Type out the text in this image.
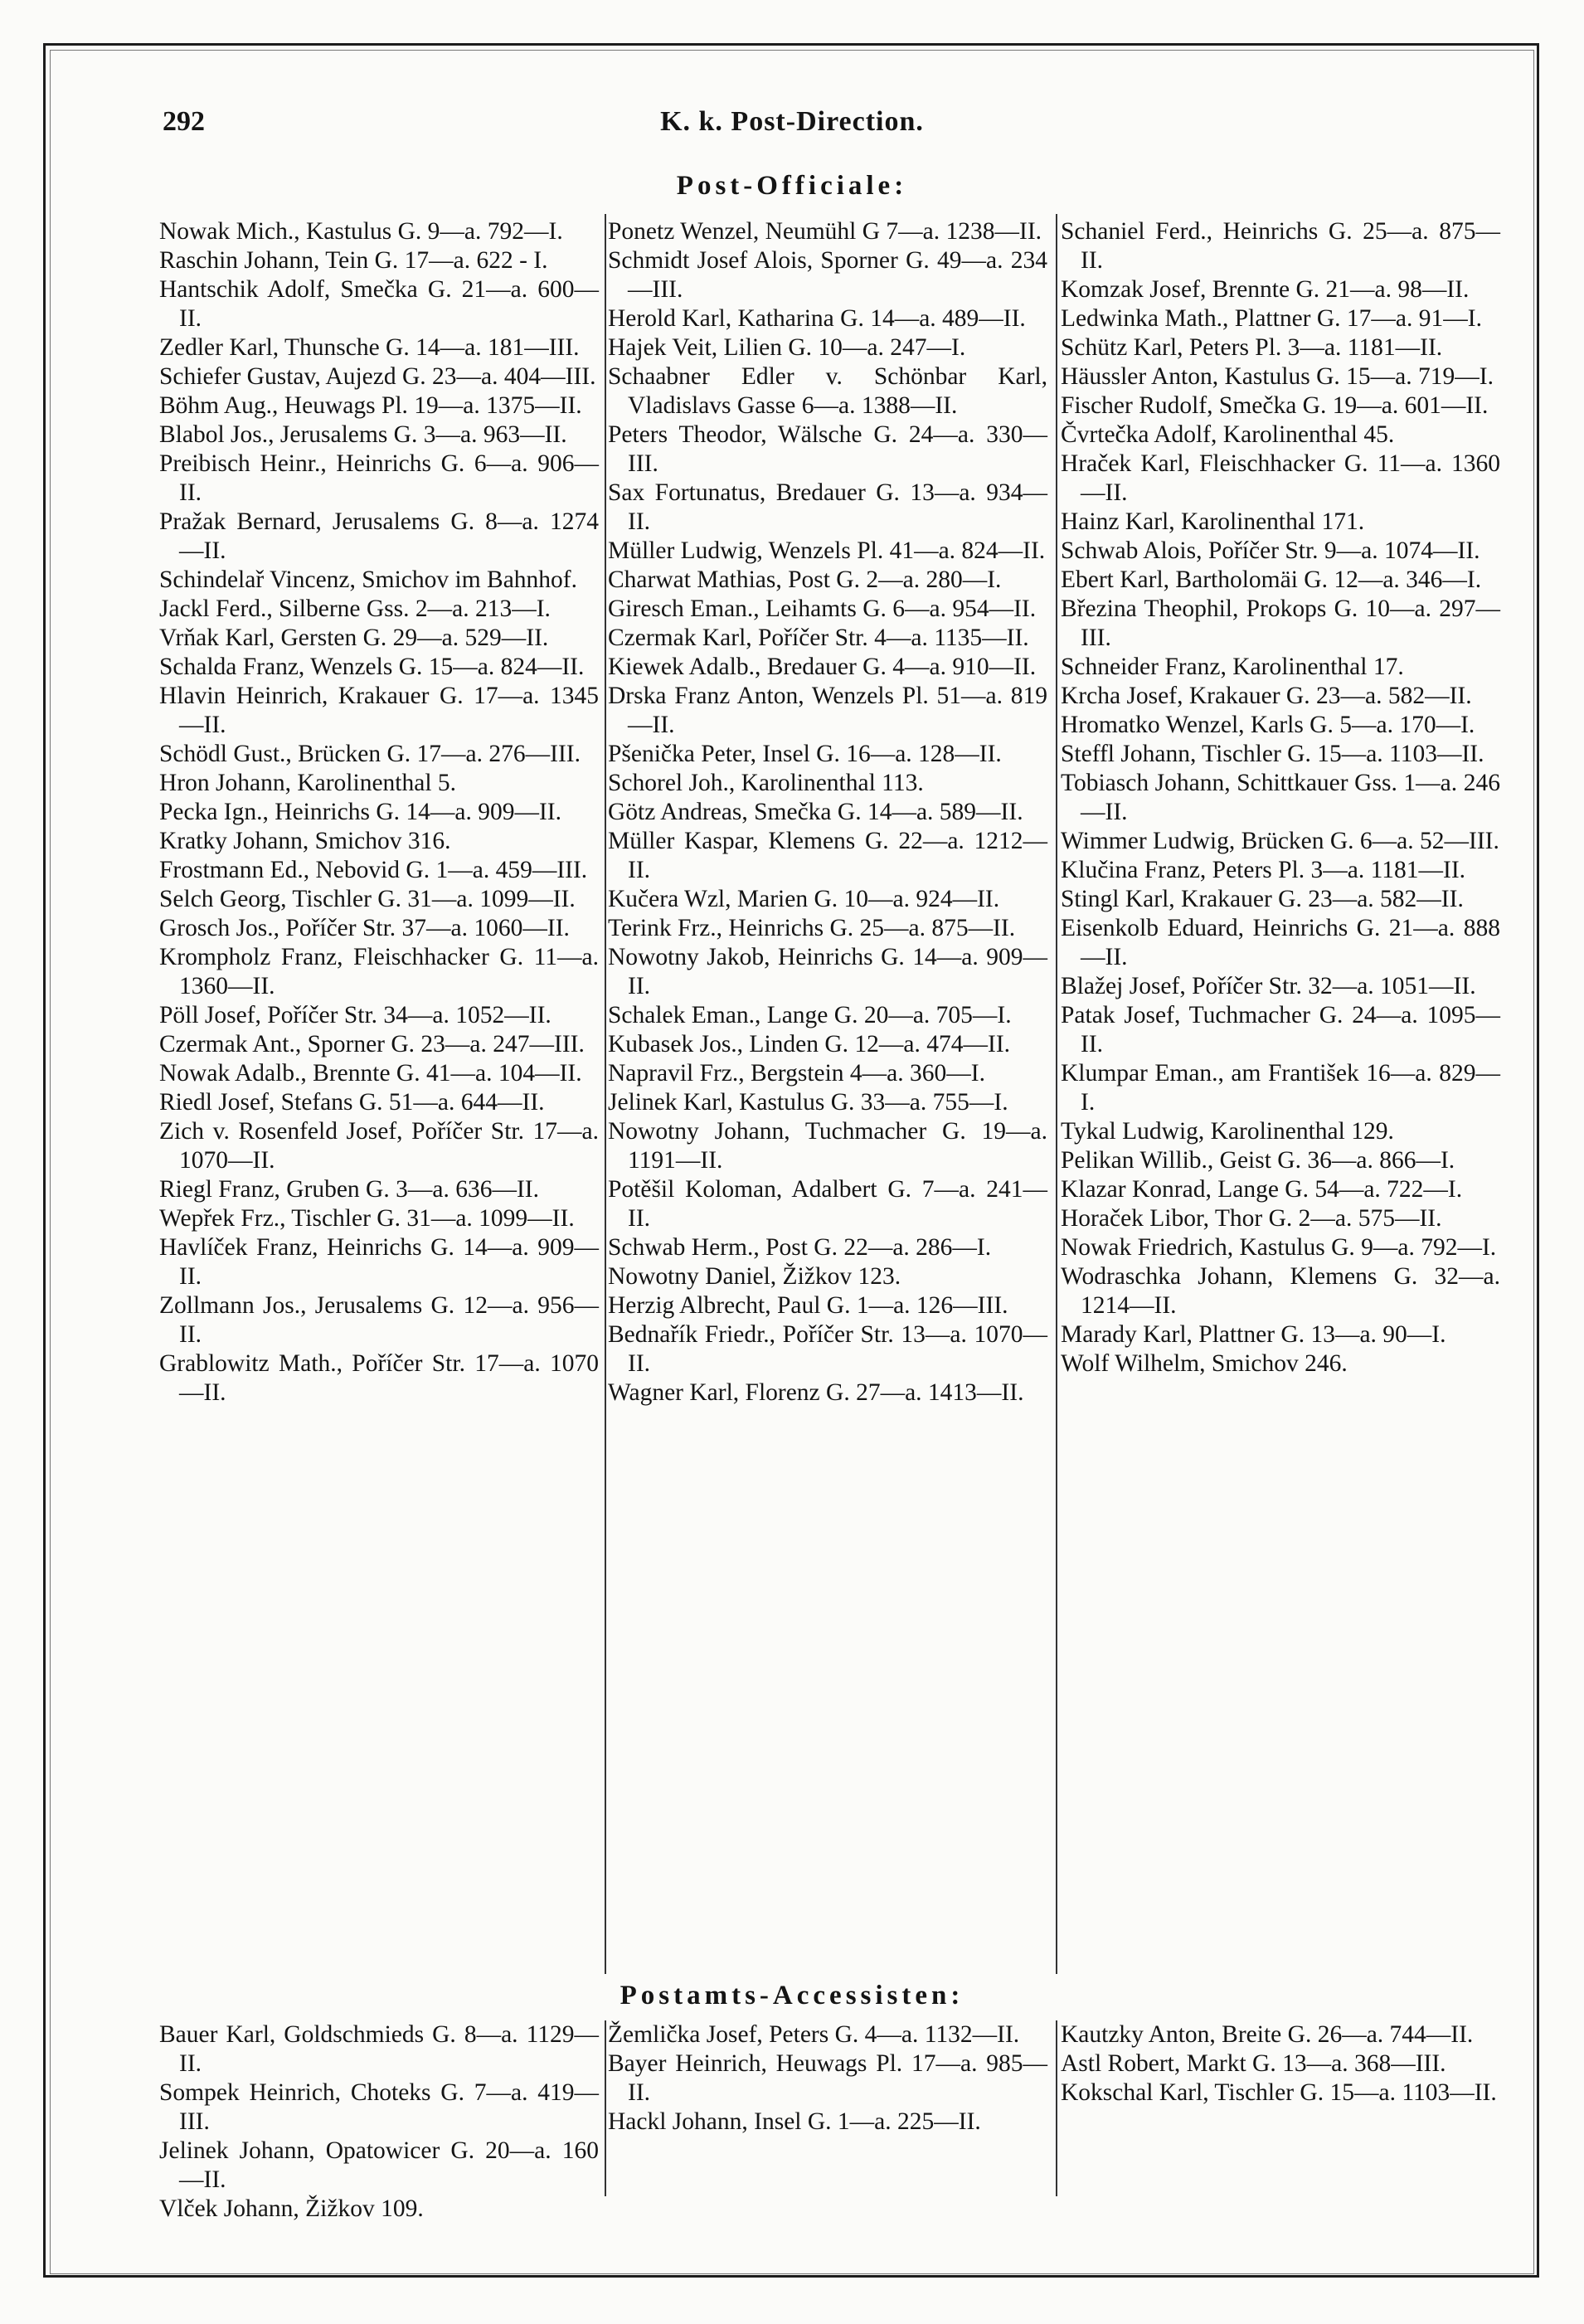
292	K. k. Post-Direction.
Post-Officiale:
Nowak Mich., Kastulus G. 9—a. 792—I.
Raschin Johann, Tein G. 17—a. 622 - I.
Hantschik Adolf, Smečka G. 21—a. 600—II.
Zedler Karl, Thunsche G. 14—a. 181—III.
Schiefer Gustav, Aujezd G. 23—a. 404—III.
Böhm Aug., Heuwags Pl. 19—a. 1375—II.
Blabol Jos., Jerusalems G. 3—a. 963—II.
Preibisch Heinr., Heinrichs G. 6—a. 906—II.
Pražak Bernard, Jerusalems G. 8—a. 1274—II.
Schindelař Vincenz, Smichov im Bahnhof.
Jackl Ferd., Silberne Gss. 2—a. 213—I.
Vrňak Karl, Gersten G. 29—a. 529—II.
Schalda Franz, Wenzels G. 15—a. 824—II.
Hlavin Heinrich, Krakauer G. 17—a. 1345—II.
Schödl Gust., Brücken G. 17—a. 276—III.
Hron Johann, Karolinenthal 5.
Pecka Ign., Heinrichs G. 14—a. 909—II.
Kratky Johann, Smichov 316.
Frostmann Ed., Nebovid G. 1—a. 459—III.
Selch Georg, Tischler G. 31—a. 1099—II.
Grosch Jos., Poříčer Str. 37—a. 1060—II.
Krompholz Franz, Fleischhacker G. 11—a. 1360—II.
Pöll Josef, Poříčer Str. 34—a. 1052—II.
Czermak Ant., Sporner G. 23—a. 247—III.
Nowak Adalb., Brennte G. 41—a. 104—II.
Riedl Josef, Stefans G. 51—a. 644—II.
Zich v. Rosenfeld Josef, Poříčer Str. 17—a. 1070—II.
Riegl Franz, Gruben G. 3—a. 636—II.
Wepřek Frz., Tischler G. 31—a. 1099—II.
Havlíček Franz, Heinrichs G. 14—a. 909—II.
Zollmann Jos., Jerusalems G. 12—a. 956—II.
Grablowitz Math., Poříčer Str. 17—a. 1070—II.
Ponetz Wenzel, Neumühl G 7—a. 1238—II.
Schmidt Josef Alois, Sporner G. 49—a. 234—III.
Herold Karl, Katharina G. 14—a. 489—II.
Hajek Veit, Lilien G. 10—a. 247—I.
Schaabner Edler v. Schönbar Karl, Vladislavs Gasse 6—a. 1388—II.
Peters Theodor, Wälsche G. 24—a. 330—III.
Sax Fortunatus, Bredauer G. 13—a. 934—II.
Müller Ludwig, Wenzels Pl. 41—a. 824—II.
Charwat Mathias, Post G. 2—a. 280—I.
Giresch Eman., Leihamts G. 6—a. 954—II.
Czermak Karl, Poříčer Str. 4—a. 1135—II.
Kiewek Adalb., Bredauer G. 4—a. 910—II.
Drska Franz Anton, Wenzels Pl. 51—a. 819—II.
Pšenička Peter, Insel G. 16—a. 128—II.
Schorel Joh., Karolinenthal 113.
Götz Andreas, Smečka G. 14—a. 589—II.
Müller Kaspar, Klemens G. 22—a. 1212—II.
Kučera Wzl, Marien G. 10—a. 924—II.
Terink Frz., Heinrichs G. 25—a. 875—II.
Nowotny Jakob, Heinrichs G. 14—a. 909—II.
Schalek Eman., Lange G. 20—a. 705—I.
Kubasek Jos., Linden G. 12—a. 474—II.
Napravil Frz., Bergstein 4—a. 360—I.
Jelinek Karl, Kastulus G. 33—a. 755—I.
Nowotny Johann, Tuchmacher G. 19—a. 1191—II.
Potěšil Koloman, Adalbert G. 7—a. 241—II.
Schwab Herm., Post G. 22—a. 286—I.
Nowotny Daniel, Žižkov 123.
Herzig Albrecht, Paul G. 1—a. 126—III.
Bednařík Friedr., Poříčer Str. 13—a. 1070—II.
Wagner Karl, Florenz G. 27—a. 1413—II.
Schaniel Ferd., Heinrichs G. 25—a. 875—II.
Komzak Josef, Brennte G. 21—a. 98—II.
Ledwinka Math., Plattner G. 17—a. 91—I.
Schütz Karl, Peters Pl. 3—a. 1181—II.
Häussler Anton, Kastulus G. 15—a. 719—I.
Fischer Rudolf, Smečka G. 19—a. 601—II.
Čvrtečka Adolf, Karolinenthal 45.
Hraček Karl, Fleischhacker G. 11—a. 1360—II.
Hainz Karl, Karolinenthal 171.
Schwab Alois, Poříčer Str. 9—a. 1074—II.
Ebert Karl, Bartholomäi G. 12—a. 346—I.
Březina Theophil, Prokops G. 10—a. 297—III.
Schneider Franz, Karolinenthal 17.
Krcha Josef, Krakauer G. 23—a. 582—II.
Hromatko Wenzel, Karls G. 5—a. 170—I.
Steffl Johann, Tischler G. 15—a. 1103—II.
Tobiasch Johann, Schittkauer Gss. 1—a. 246—II.
Wimmer Ludwig, Brücken G. 6—a. 52—III.
Klučina Franz, Peters Pl. 3—a. 1181—II.
Stingl Karl, Krakauer G. 23—a. 582—II.
Eisenkolb Eduard, Heinrichs G. 21—a. 888—II.
Blažej Josef, Poříčer Str. 32—a. 1051—II.
Patak Josef, Tuchmacher G. 24—a. 1095—II.
Klumpar Eman., am František 16—a. 829—I.
Tykal Ludwig, Karolinenthal 129.
Pelikan Willib., Geist G. 36—a. 866—I.
Klazar Konrad, Lange G. 54—a. 722—I.
Horaček Libor, Thor G. 2—a. 575—II.
Nowak Friedrich, Kastulus G. 9—a. 792—I.
Wodraschka Johann, Klemens G. 32—a. 1214—II.
Marady Karl, Plattner G. 13—a. 90—I.
Wolf Wilhelm, Smichov 246.
Postamts-Accessisten:
Bauer Karl, Goldschmieds G. 8—a. 1129—II.
Sompek Heinrich, Choteks G. 7—a. 419—III.
Jelinek Johann, Opatowicer G. 20—a. 160—II.
Vlček Johann, Žižkov 109.
Žemlička Josef, Peters G. 4—a. 1132—II.
Bayer Heinrich, Heuwags Pl. 17—a. 985—II.
Hackl Johann, Insel G. 1—a. 225—II.
Kautzky Anton, Breite G. 26—a. 744—II.
Astl Robert, Markt G. 13—a. 368—III.
Kokschal Karl, Tischler G. 15—a. 1103—II.
